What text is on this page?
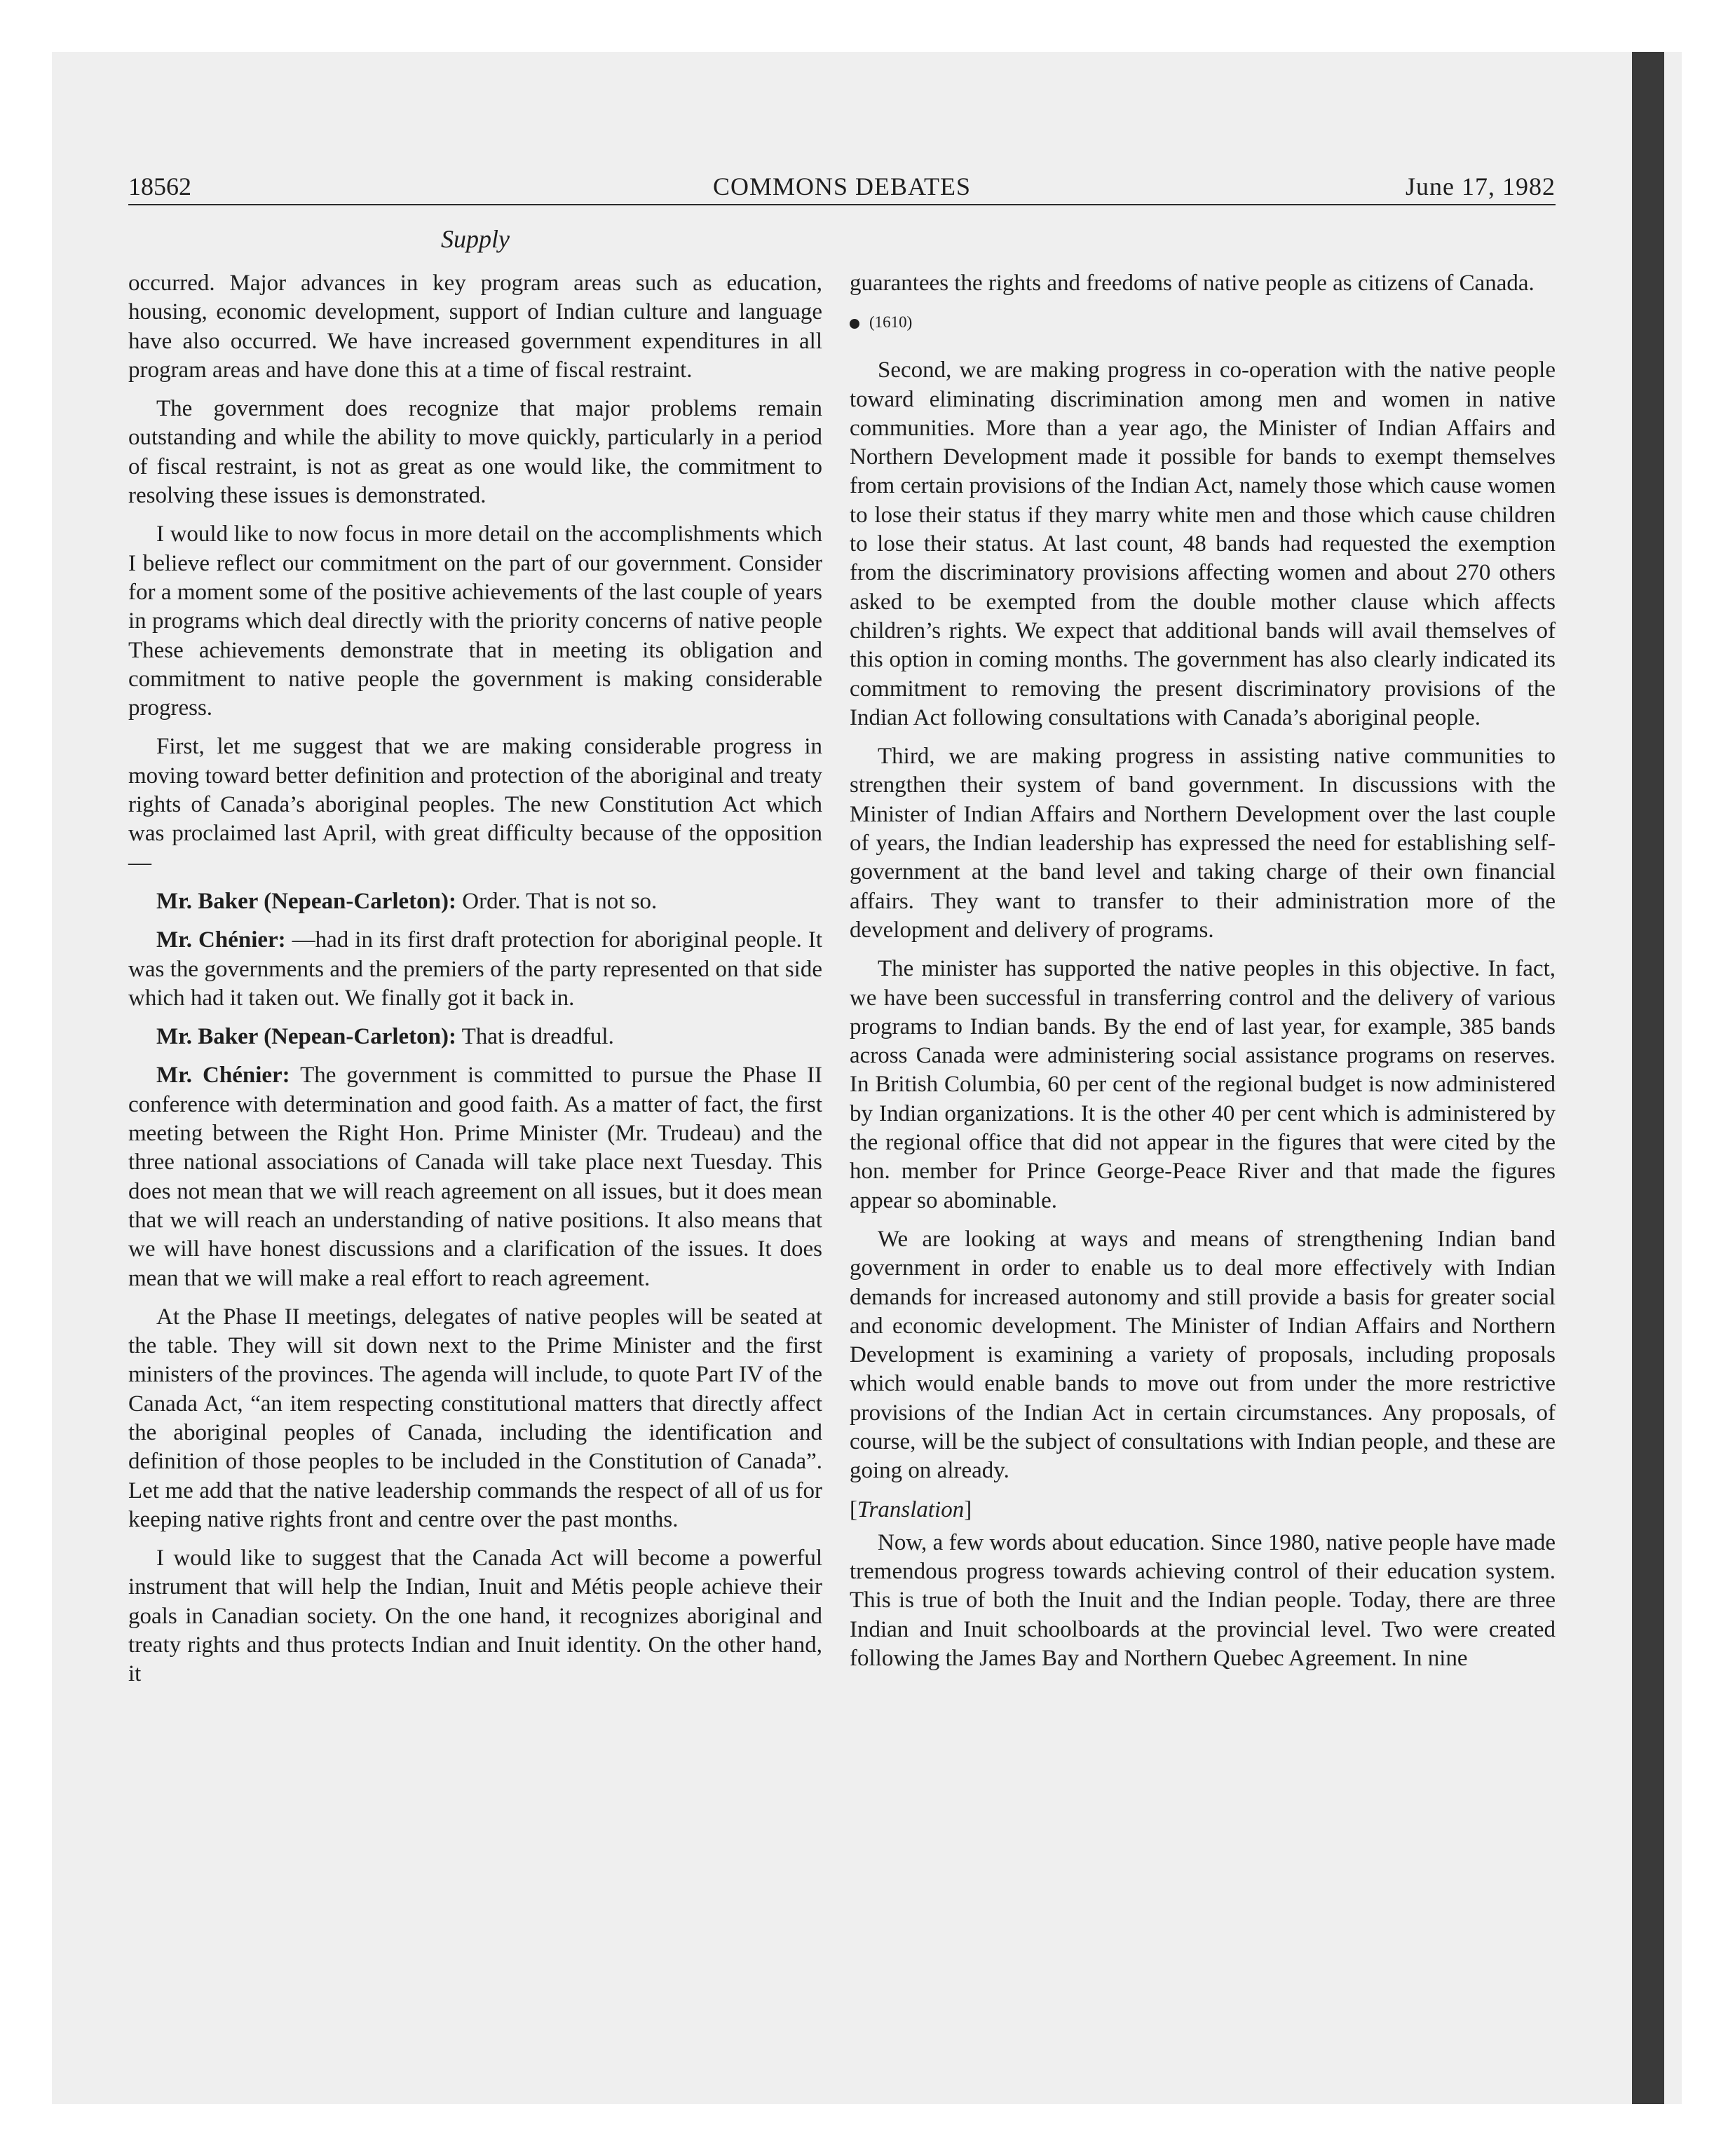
18562	COMMONS DEBATES	June 17, 1982
Supply

occurred. Major advances in key program areas such as education, housing, economic development, support of Indian culture and language have also occurred. We have increased government expenditures in all program areas and have done this at a time of fiscal restraint.

The government does recognize that major problems remain outstanding and while the ability to move quickly, particularly in a period of fiscal restraint, is not as great as one would like, the commitment to resolving these issues is demonstrated.

I would like to now focus in more detail on the accomplishments which I believe reflect our commitment on the part of our government. Consider for a moment some of the positive achievements of the last couple of years in programs which deal directly with the priority concerns of native people These achievements demonstrate that in meeting its obligation and commitment to native people the government is making considerable progress.

First, let me suggest that we are making considerable progress in moving toward better definition and protection of the aboriginal and treaty rights of Canada’s aboriginal peoples. The new Constitution Act which was proclaimed last April, with great difficulty because of the opposition—

Mr. Baker (Nepean-Carleton): Order. That is not so.

Mr. Chénier: —had in its first draft protection for aboriginal people. It was the governments and the premiers of the party represented on that side which had it taken out. We finally got it back in.

Mr. Baker (Nepean-Carleton): That is dreadful.

Mr. Chénier: The government is committed to pursue the Phase II conference with determination and good faith. As a matter of fact, the first meeting between the Right Hon. Prime Minister (Mr. Trudeau) and the three national associations of Canada will take place next Tuesday. This does not mean that we will reach agreement on all issues, but it does mean that we will reach an understanding of native positions. It also means that we will have honest discussions and a clarification of the issues. It does mean that we will make a real effort to reach agreement.

At the Phase II meetings, delegates of native peoples will be seated at the table. They will sit down next to the Prime Minister and the first ministers of the provinces. The agenda will include, to quote Part IV of the Canada Act, “an item respecting constitutional matters that directly affect the aboriginal peoples of Canada, including the identification and definition of those peoples to be included in the Constitution of Canada”. Let me add that the native leadership commands the respect of all of us for keeping native rights front and centre over the past months.

I would like to suggest that the Canada Act will become a powerful instrument that will help the Indian, Inuit and Métis people achieve their goals in Canadian society. On the one hand, it recognizes aboriginal and treaty rights and thus protects Indian and Inuit identity. On the other hand, it

guarantees the rights and freedoms of native people as citizens of Canada.

(1610)

Second, we are making progress in co-operation with the native people toward eliminating discrimination among men and women in native communities. More than a year ago, the Minister of Indian Affairs and Northern Development made it possible for bands to exempt themselves from certain provisions of the Indian Act, namely those which cause women to lose their status if they marry white men and those which cause children to lose their status. At last count, 48 bands had requested the exemption from the discriminatory provisions affecting women and about 270 others asked to be exempted from the double mother clause which affects children’s rights. We expect that additional bands will avail themselves of this option in coming months. The government has also clearly indicated its commitment to removing the present discriminatory provisions of the Indian Act following consultations with Canada’s aboriginal people.

Third, we are making progress in assisting native communities to strengthen their system of band government. In discussions with the Minister of Indian Affairs and Northern Development over the last couple of years, the Indian leadership has expressed the need for establishing self-government at the band level and taking charge of their own financial affairs. They want to transfer to their administration more of the development and delivery of programs.

The minister has supported the native peoples in this objective. In fact, we have been successful in transferring control and the delivery of various programs to Indian bands. By the end of last year, for example, 385 bands across Canada were administering social assistance programs on reserves. In British Columbia, 60 per cent of the regional budget is now administered by Indian organizations. It is the other 40 per cent which is administered by the regional office that did not appear in the figures that were cited by the hon. member for Prince George-Peace River and that made the figures appear so abominable.

We are looking at ways and means of strengthening Indian band government in order to enable us to deal more effectively with Indian demands for increased autonomy and still provide a basis for greater social and economic development. The Minister of Indian Affairs and Northern Development is examining a variety of proposals, including proposals which would enable bands to move out from under the more restrictive provisions of the Indian Act in certain circumstances. Any proposals, of course, will be the subject of consultations with Indian people, and these are going on already.

[Translation]

Now, a few words about education. Since 1980, native people have made tremendous progress towards achieving control of their education system. This is true of both the Inuit and the Indian people. Today, there are three Indian and Inuit schoolboards at the provincial level. Two were created following the James Bay and Northern Quebec Agreement. In nine
